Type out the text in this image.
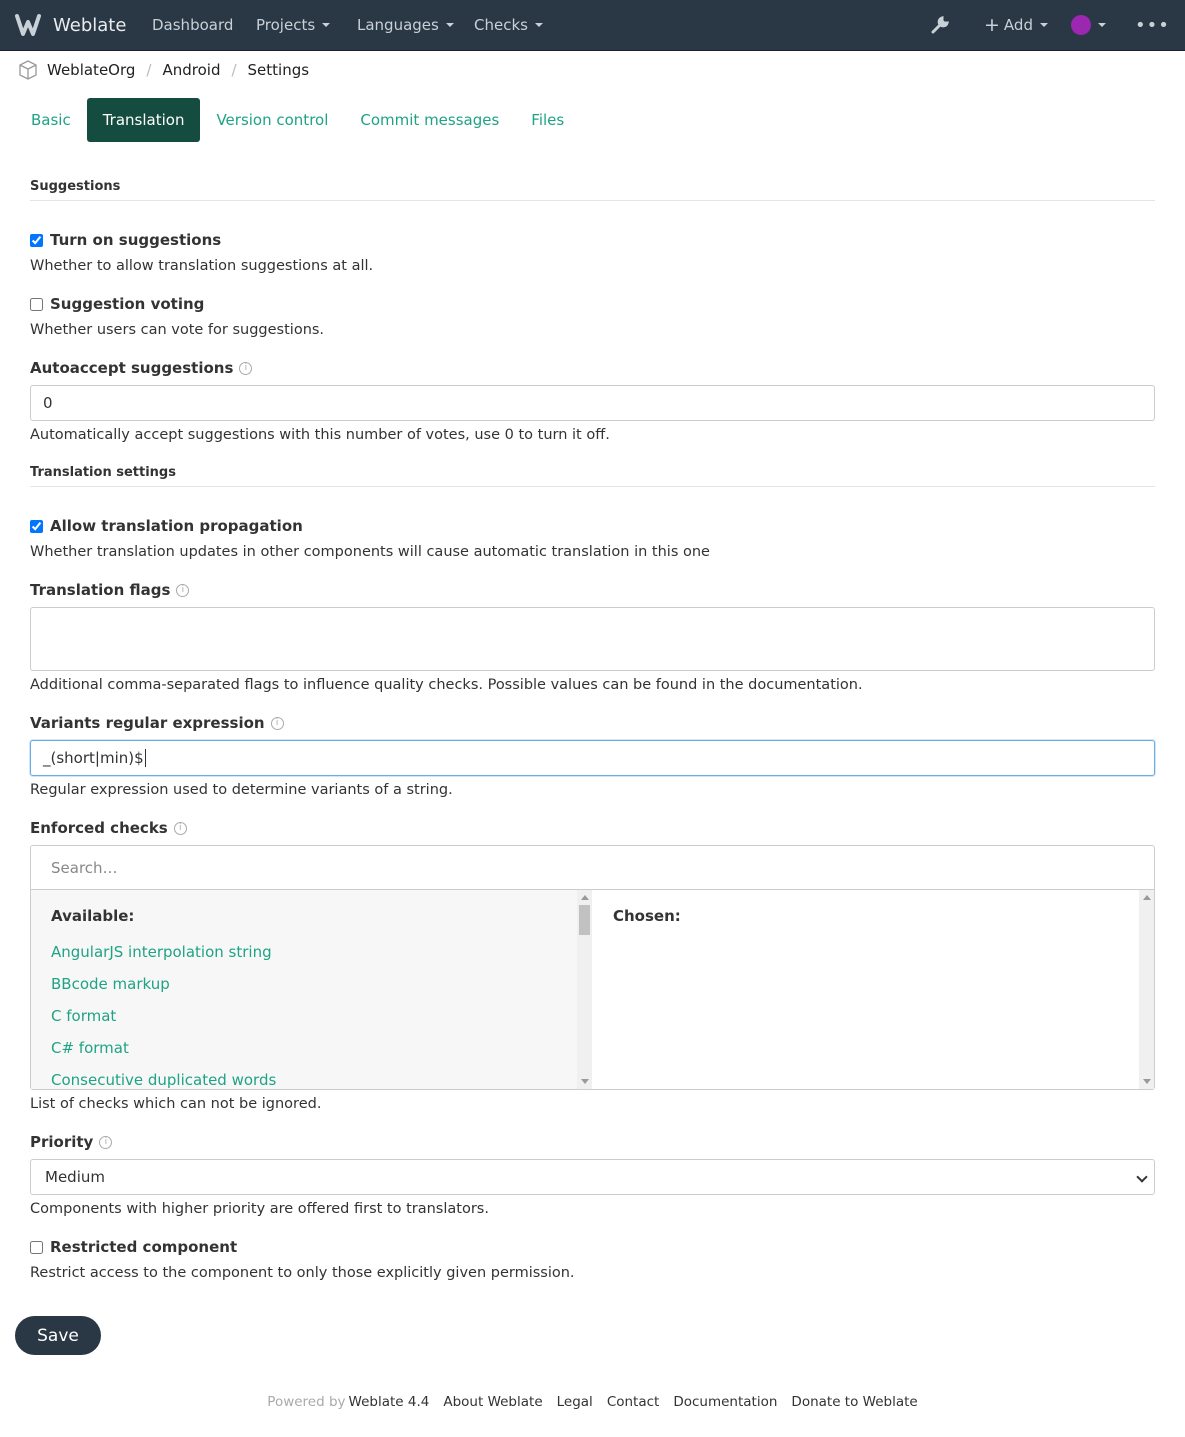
Weblate Dashboard Projects	Languages Checks	+ Add	•••
WeblateOrg / Android / Settings
Basic	Translation	Version control	Commit messages	Files
Suggestions
Turn on suggestions
Whether to allow translation suggestions at all.
Suggestion voting
Whether users can vote for suggestions.
Autoaccept suggestions	i
0
Automatically accept suggestions with this number of votes, use 0 to turn it off.
Translation settings
Allow translation propagation
Whether translation updates in other components will cause automatic translation in this one
Translation flags	i
Additional comma-separated flags to influence quality checks. Possible values can be found in the documentation.
Variants regular expression	i
_(short|min)$
Regular expression used to determine variants of a string.
Enforced checks	i
Search…
Available:
AngularJS interpolation string
BBcode markup
C format
C# format
Consecutive duplicated words
Chosen:
List of checks which can not be ignored.
Priority	i
Medium
Components with higher priority are offered first to translators.
Restricted component
Restrict access to the component to only those explicitly given permission.
Save
Powered by Weblate 4.4 About Weblate Legal Contact Documentation Donate to Weblate
